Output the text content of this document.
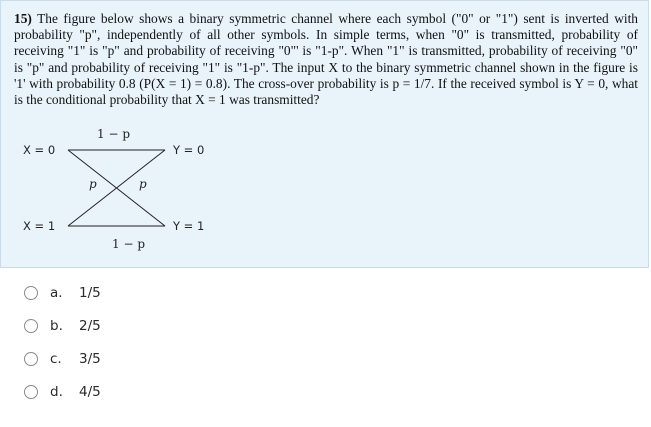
15) The figure below shows a binary symmetric channel where each symbol ("0" or "1") sent is inverted with probability "p", independently of all other symbols. In simple terms, when "0" is transmitted, probability of receiving "1" is "p" and probability of receiving "0"' is "1-p". When "1" is transmitted, probability of receiving "0" is "p" and probability of receiving "1" is "1-p". The input X to the binary symmetric channel shown in the figure is '1' with probability 0.8 (P(X = 1) = 0.8). The cross-over probability is p = 1/7. If the received symbol is Y = 0, what is the conditional probability that X = 1 was transmitted?
1 − p
X = 0	Y = 0
p	p
X = 1	Y = 1
1 − p
a.	1/5
b.	2/5
c.	3/5
d.	4/5
